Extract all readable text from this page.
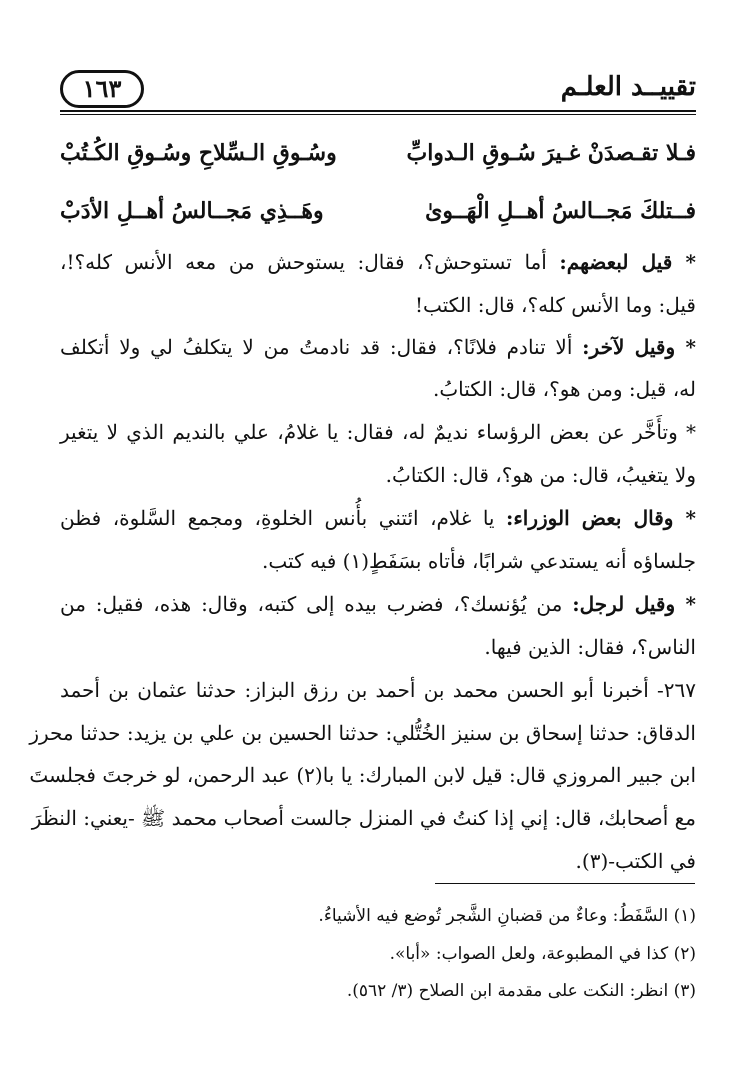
تقييــد العلـم
١٦٣
فـلا تقـصدَنْ غـيرَ سُـوقِ الـدوابِّ
وسُـوقِ الـسِّلاحِ وسُـوقِ الكُـتُبْ
فــتلكَ مَجــالسُ أهــلِ الْهَــوىٰ
وهَــذِي مَجــالسُ أهــلِ الأدَبْ
* قيل لبعضهم: أما تستوحش؟، فقال: يستوحش من معه الأنس كله؟!،
قيل: وما الأنس كله؟، قال: الكتب!
* وقيل لآخر: ألا تنادم فلانًا؟، فقال: قد نادمتُ من لا يتكلفُ لي ولا أتكلف
له، قيل: ومن هو؟، قال: الكتابُ.
* وتأَخَّر عن بعض الرؤساء نديمٌ له، فقال: يا غلامُ، علي بالنديم الذي لا يتغير
ولا يتغيبُ، قال: من هو؟، قال: الكتابُ.
* وقال بعض الوزراء: يا غلام، ائتني بأُنس الخلوةِ، ومجمع السَّلوة، فظن
جلساؤه أنه يستدعي شرابًا، فأتاه بسَفَطٍ(١) فيه كتب.
* وقيل لرجل: من يُؤنسك؟، فضرب بيده إلى كتبه، وقال: هذه، فقيل: من
الناس؟، فقال: الذين فيها.
٢٦٧- أخبرنا أبو الحسن محمد بن أحمد بن رزق البزاز: حدثنا عثمان بن أحمد
الدقاق: حدثنا إسحاق بن سنيز الخُتُّلي: حدثنا الحسين بن علي بن يزيد: حدثنا محرز
ابن جبير المروزي قال: قيل لابن المبارك: يا با(٢) عبد الرحمن، لو خرجتَ فجلستَ
مع أصحابك، قال: إني إذا كنتُ في المنزل جالست أصحاب محمد ﷺ -يعني: النظَرَ
في الكتب-(٣).
(١) السَّفَطُ: وعاءٌ من قضبانِ الشَّجر تُوضع فيه الأشياءُ.
(٢) كذا في المطبوعة، ولعل الصواب: «أبا».
(٣) انظر: النكت على مقدمة ابن الصلاح (٣/ ٥٦٢).
